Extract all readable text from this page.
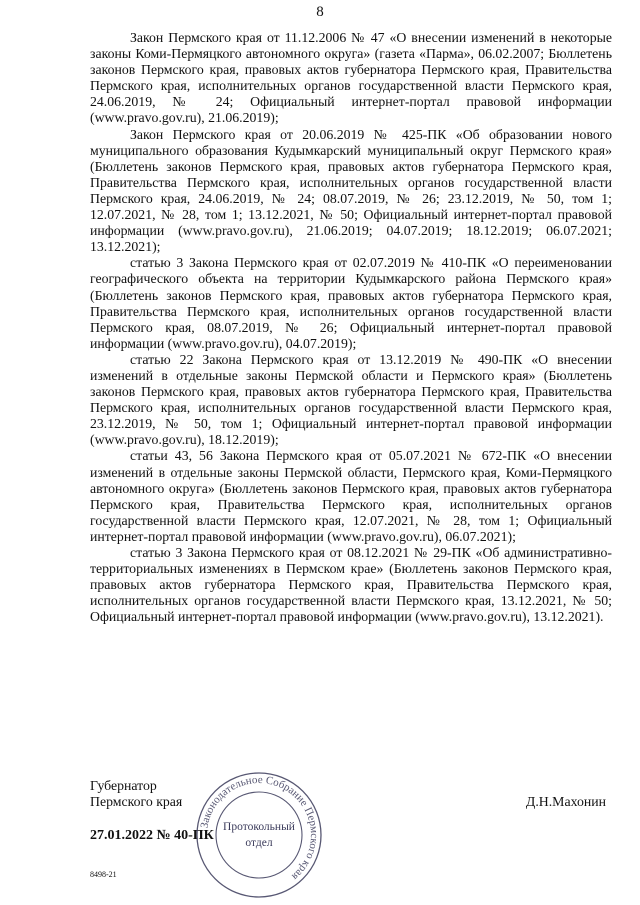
8

Закон Пермского края от 11.12.2006 № 47 «О внесении изменений в некоторые законы Коми-Пермяцкого автономного округа» (газета «Парма», 06.02.2007; Бюллетень законов Пермского края, правовых актов губернатора Пермского края, Правительства Пермского края, исполнительных органов государственной власти Пермского края, 24.06.2019, № 24; Официальный интернет-портал правовой информации (www.pravo.gov.ru), 21.06.2019);

Закон Пермского края от 20.06.2019 № 425-ПК «Об образовании нового муниципального образования Кудымкарский муниципальный округ Пермского края» (Бюллетень законов Пермского края, правовых актов губернатора Пермского края, Правительства Пермского края, исполнительных органов государственной власти Пермского края, 24.06.2019, № 24; 08.07.2019, № 26; 23.12.2019, № 50, том 1; 12.07.2021, № 28, том 1; 13.12.2021, № 50; Официальный интернет-портал правовой информации (www.pravo.gov.ru), 21.06.2019; 04.07.2019; 18.12.2019; 06.07.2021; 13.12.2021);

статью 3 Закона Пермского края от 02.07.2019 № 410-ПК «О переименовании географического объекта на территории Кудымкарского района Пермского края» (Бюллетень законов Пермского края, правовых актов губернатора Пермского края, Правительства Пермского края, исполнительных органов государственной власти Пермского края, 08.07.2019, № 26; Официальный интернет-портал правовой информации (www.pravo.gov.ru), 04.07.2019);

статью 22 Закона Пермского края от 13.12.2019 № 490-ПК «О внесении изменений в отдельные законы Пермской области и Пермского края» (Бюллетень законов Пермского края, правовых актов губернатора Пермского края, Правительства Пермского края, исполнительных органов государственной власти Пермского края, 23.12.2019, № 50, том 1; Официальный интернет-портал правовой информации (www.pravo.gov.ru), 18.12.2019);

статьи 43, 56 Закона Пермского края от 05.07.2021 № 672-ПК «О внесении изменений в отдельные законы Пермской области, Пермского края, Коми-Пермяцкого автономного округа» (Бюллетень законов Пермского края, правовых актов губернатора Пермского края, Правительства Пермского края, исполнительных органов государственной власти Пермского края, 12.07.2021, № 28, том 1; Официальный интернет-портал правовой информации (www.pravo.gov.ru), 06.07.2021);

статью 3 Закона Пермского края от 08.12.2021 № 29-ПК «Об административно-территориальных изменениях в Пермском крае» (Бюллетень законов Пермского края, правовых актов губернатора Пермского края, Правительства Пермского края, исполнительных органов государственной власти Пермского края, 13.12.2021, № 50; Официальный интернет-портал правовой информации (www.pravo.gov.ru), 13.12.2021).

Губернатор
Пермского края	Д.Н.Махонин
27.01.2022 № 40-ПК
8498-21
Законодательное Собрание Пермского края
Протокольный
отдел
